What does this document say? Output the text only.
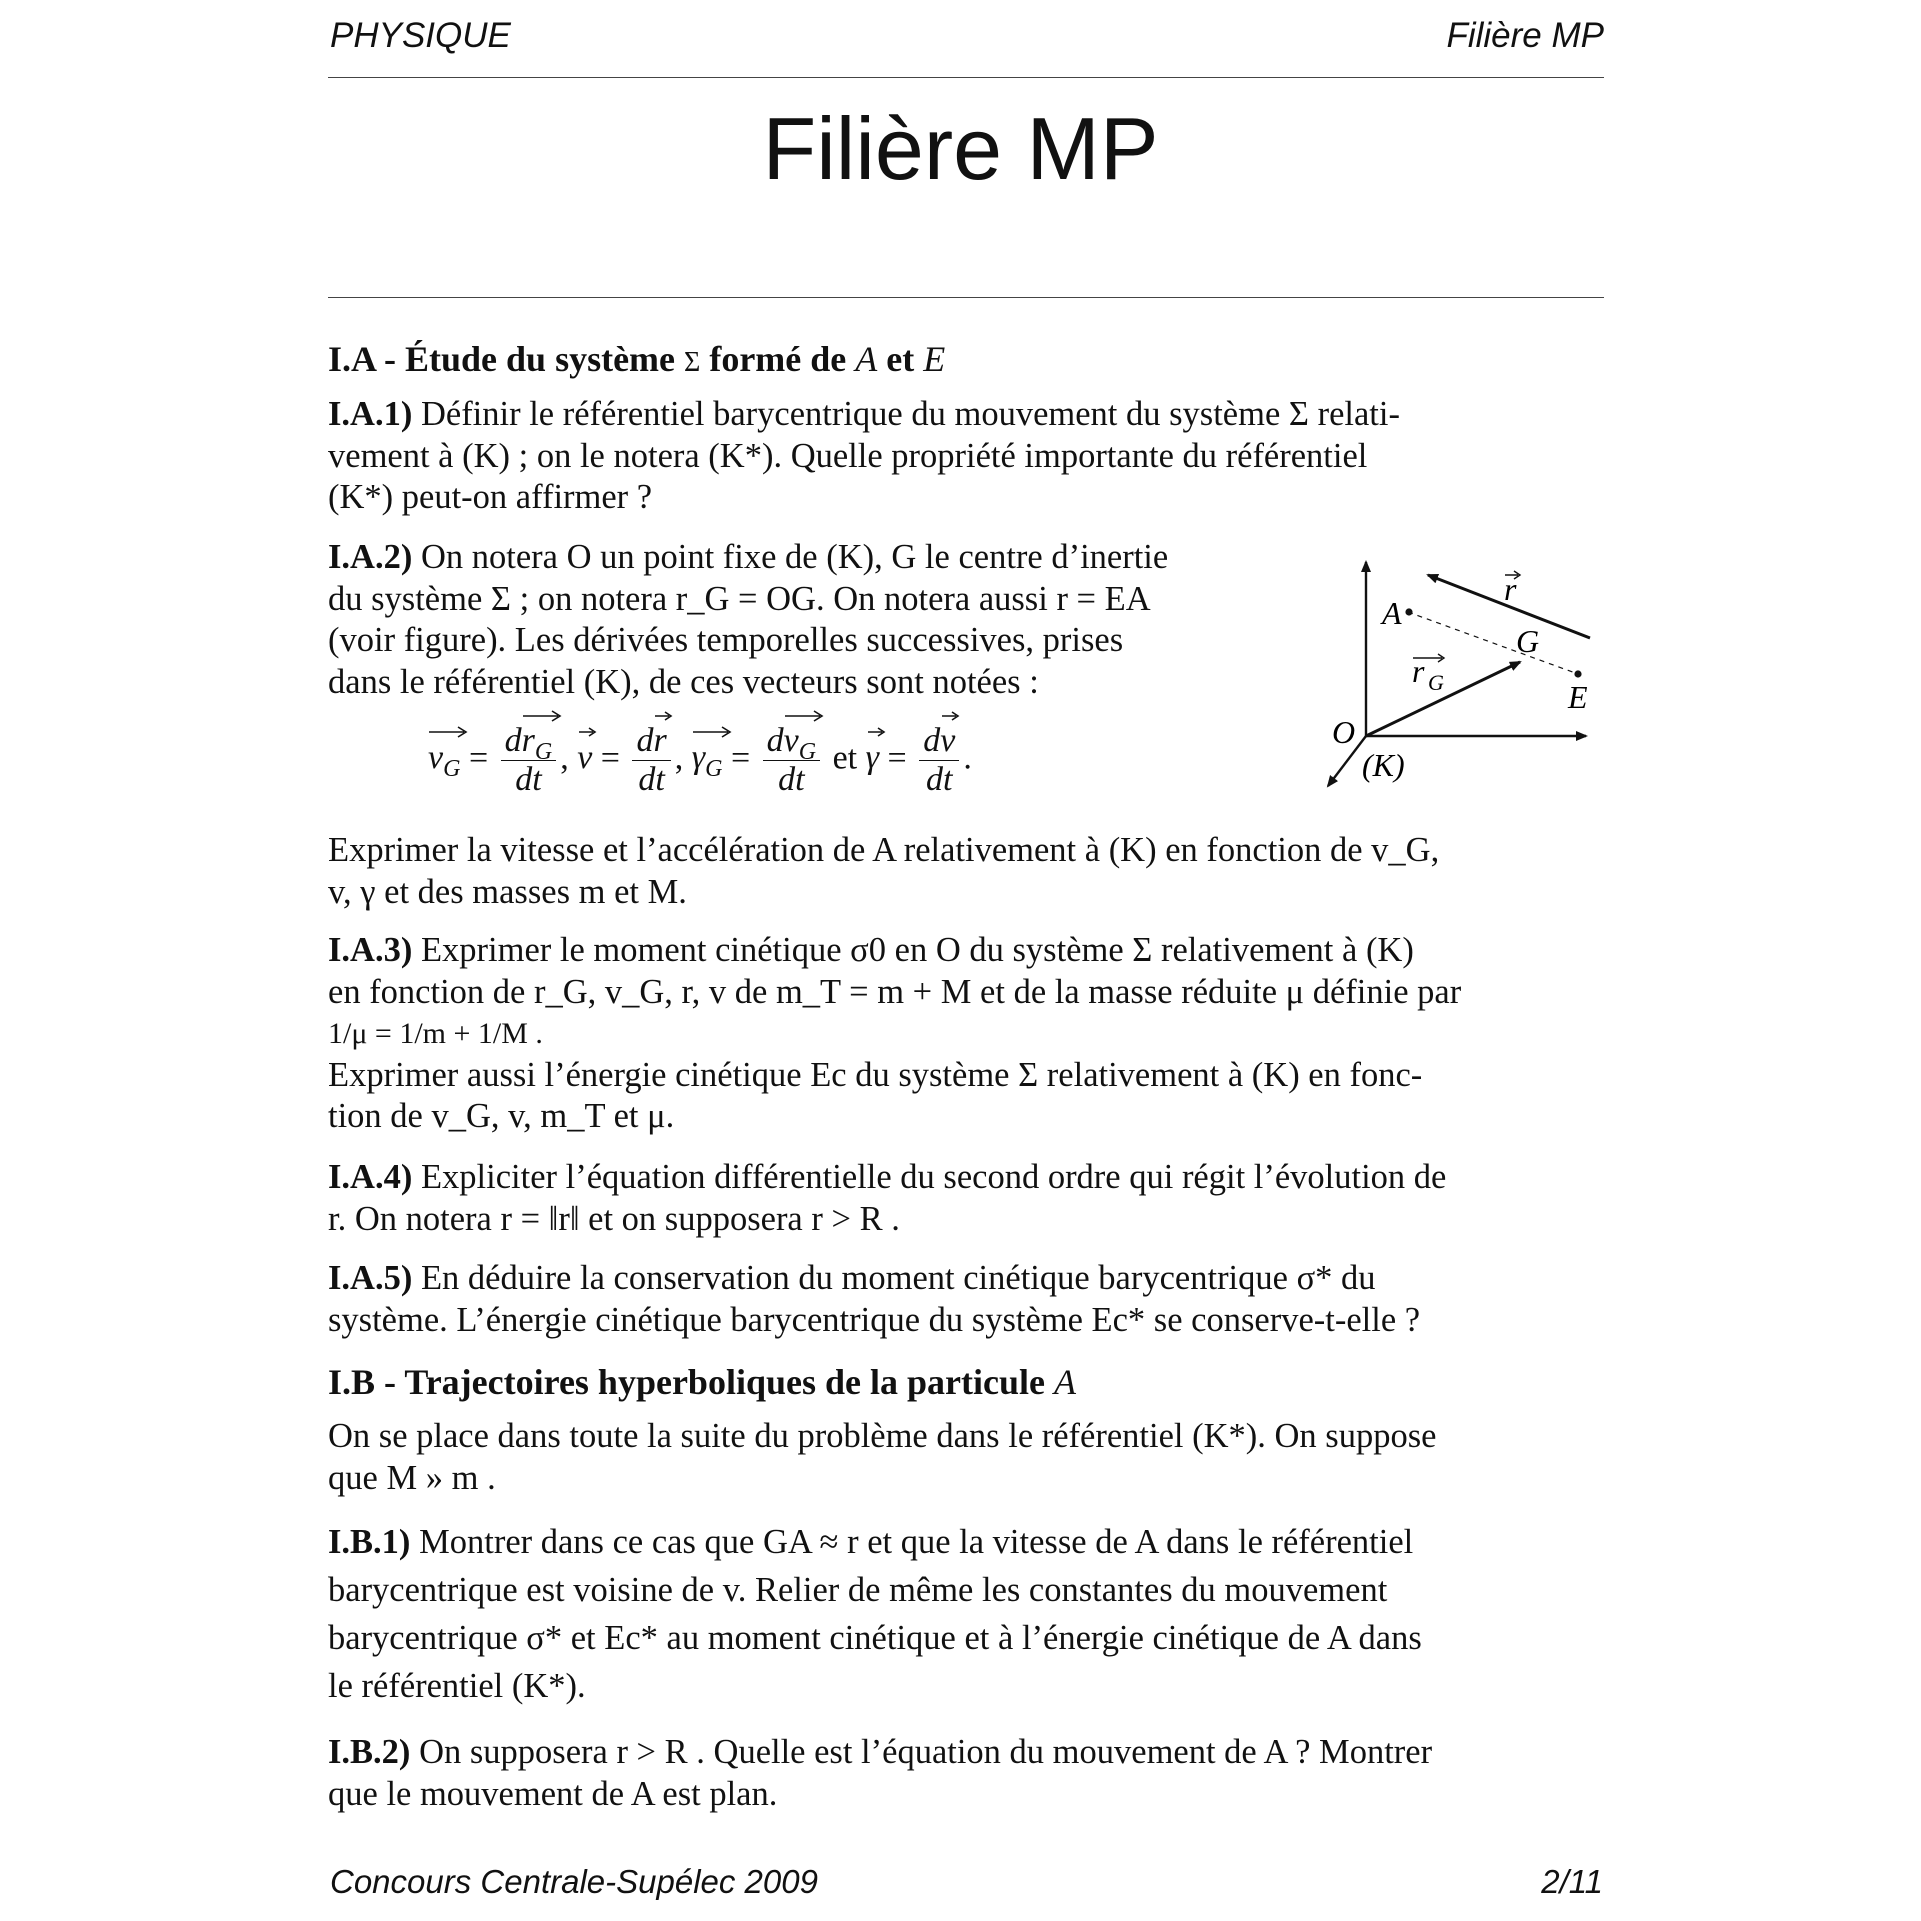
PHYSIQUE	Filière MP
Filière MP
I.A - Étude du système Σ formé de A et E

I.A.1) Définir le référentiel barycentrique du mouvement du système Σ relati-

vement à (K) ; on le notera (K*). Quelle propriété importante du référentiel

(K*) peut-on affirmer ?

I.A.2) On notera O un point fixe de (K), G le centre d’inertie

du système Σ ; on notera r_G = OG. On notera aussi r = EA

(voir figure). Les dérivées temporelles successives, prises

dans le référentiel (K), de ces vecteurs sont notées :

$v_G$
= $\frac{dr_G}{dt}$ , v
= $\frac{dr}{dt}$ , $\gamma_G$
= $\frac{dv_G}{dt}$ et γ
= $\frac{dv}{dt}$ .
A
G
E
O
(K)
r
r G

Exprimer la vitesse et l’accélération de A relativement à (K) en fonction de v_G,

v, γ et des masses m et M.

I.A.3) Exprimer le moment cinétique σ0 en O du système Σ relativement à (K)

en fonction de r_G, v_G, r, v de m_T = m + M et de la masse réduite μ définie par

1/μ = 1/m + 1/M .

Exprimer aussi l’énergie cinétique Ec du système Σ relativement à (K) en fonc-

tion de v_G, v, m_T et μ.

I.A.4) Expliciter l’équation différentielle du second ordre qui régit l’évolution de

r. On notera r = ‖r‖ et on supposera r > R .

I.A.5) En déduire la conservation du moment cinétique barycentrique σ* du

système. L’énergie cinétique barycentrique du système Ec* se conserve-t-elle ?

I.B - Trajectoires hyperboliques de la particule A

On se place dans toute la suite du problème dans le référentiel (K*). On suppose

que M » m .

I.B.1) Montrer dans ce cas que GA ≈ r et que la vitesse de A dans le référentiel

barycentrique est voisine de v. Relier de même les constantes du mouvement

barycentrique σ* et Ec* au moment cinétique et à l’énergie cinétique de A dans

le référentiel (K*).

I.B.2) On supposera r > R . Quelle est l’équation du mouvement de A ? Montrer

que le mouvement de A est plan.

Concours Centrale-Supélec 2009	2/11
